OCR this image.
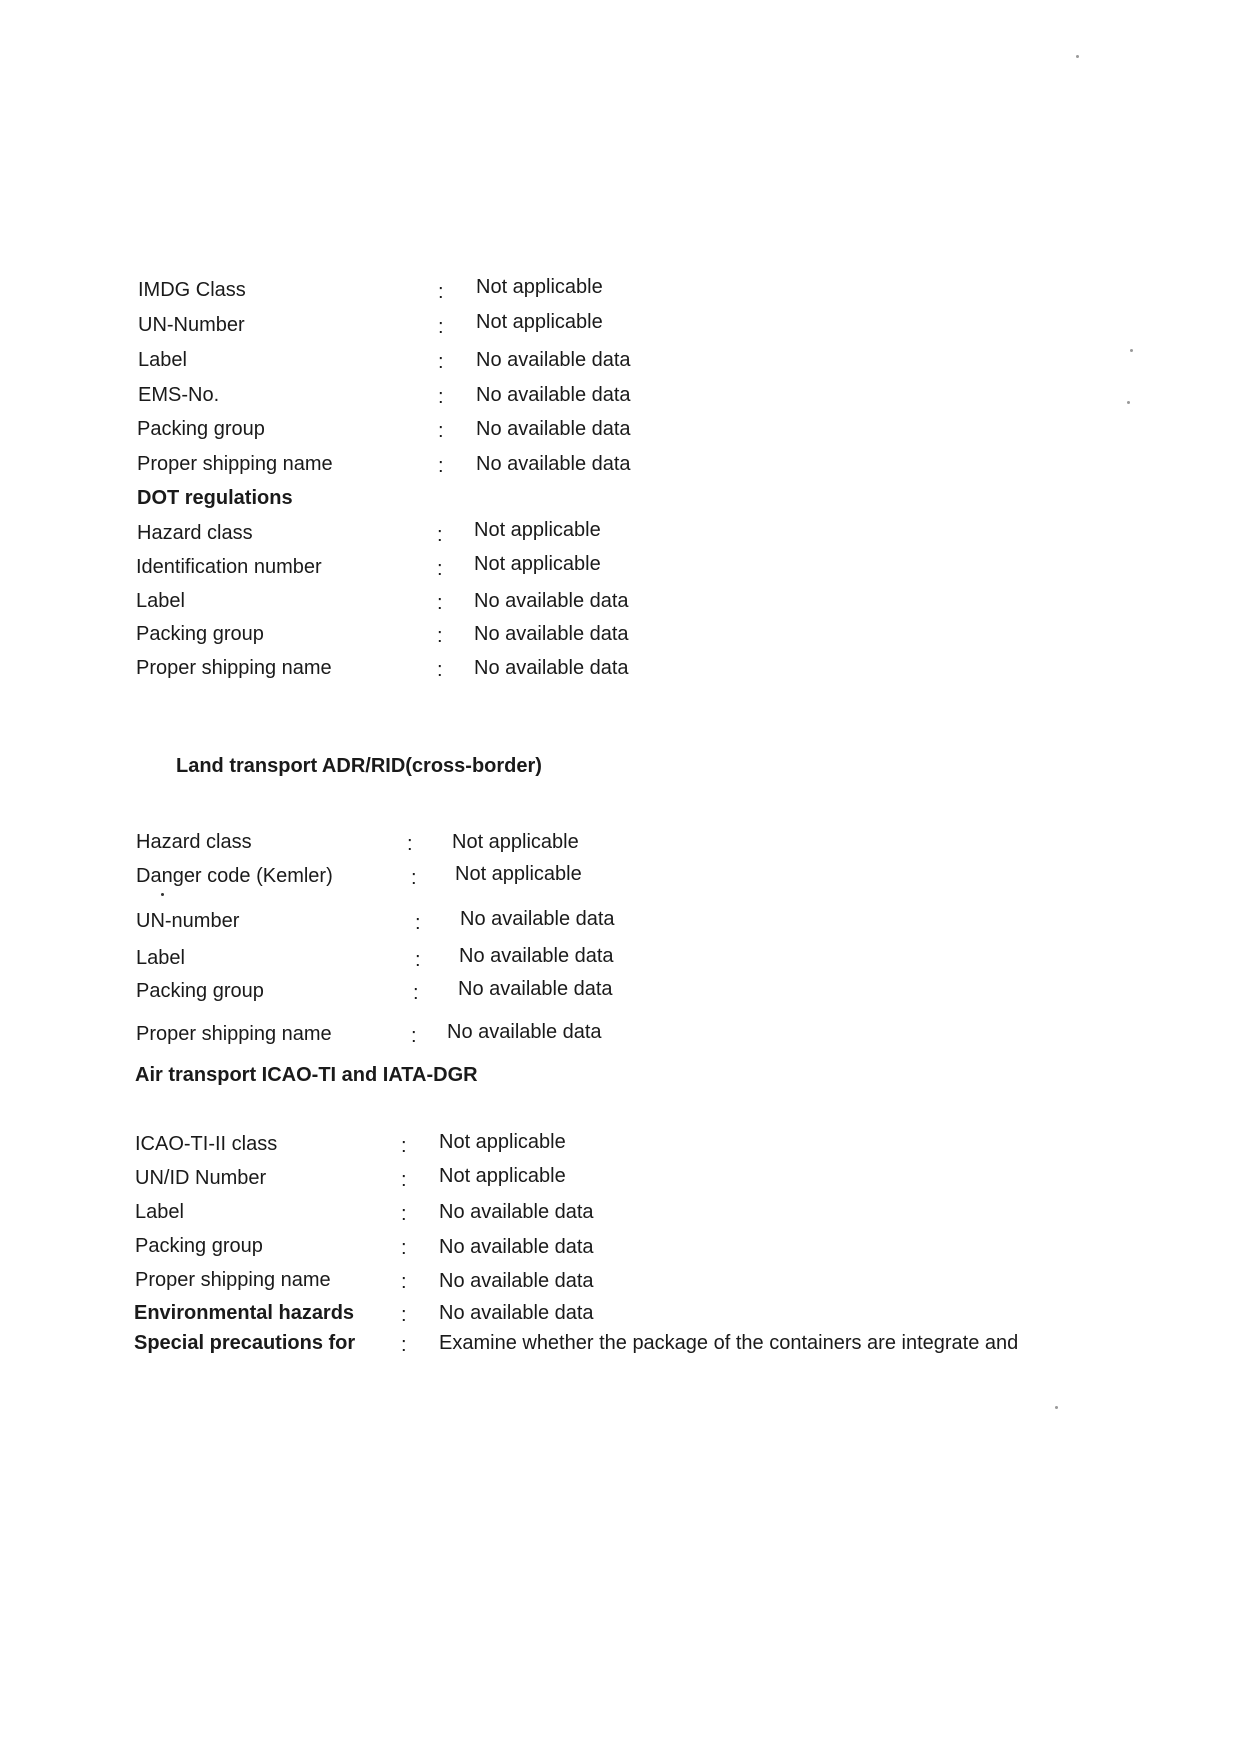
IMDG Class	: Not applicable
UN-Number	: Not applicable
Label	: No available data
EMS-No.	: No available data
Packing group	: No available data
Proper shipping name	: No available data
DOT regulations
Hazard class	: Not applicable
Identification number	: Not applicable
Label	: No available data
Packing group	: No available data
Proper shipping name	: No available data
Land transport ADR/RID(cross-border)
Hazard class	: Not applicable
Danger code (Kemler)	: Not applicable
UN-number	: No available data
Label	: No available data
Packing group	: No available data
Proper shipping name	: No available data
Air transport ICAO-TI and IATA-DGR
ICAO-TI-II class	: Not applicable
UN/ID Number	: Not applicable
Label	: No available data
Packing group	: No available data
Proper shipping name	: No available data
Environmental hazards : No available data
Special precautions for : Examine whether the package of the containers are integrate and
